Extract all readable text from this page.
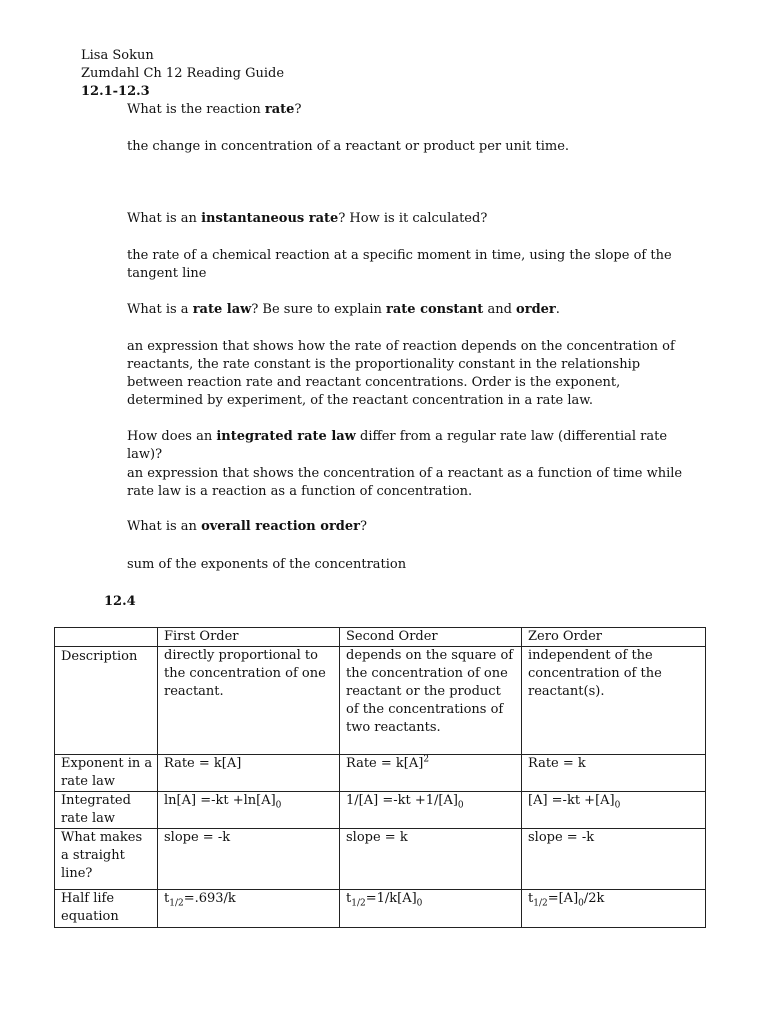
Lisa Sokun
Zumdahl Ch 12 Reading Guide
12.1-12.3
What is the reaction rate?
the change in concentration of a reactant or product per unit time.
What is an instantaneous rate? How is it calculated?
the rate of a chemical reaction at a specific moment in time, using the slope of the tangent line
What is a rate law? Be sure to explain rate constant and order.
an expression that shows how the rate of reaction depends on the concentration of reactants, the rate constant is the proportionality constant in the relationship between reaction rate and reactant concentrations. Order is the exponent, determined by experiment, of the reactant concentration in a rate law.
How does an integrated rate law differ from a regular rate law (differential rate law)?
an expression that shows the concentration of a reactant as a function of time while rate law is a reaction as a function of concentration.
What is an overall reaction order?
sum of the exponents of the concentration
12.4
	First Order	Second Order	Zero Order
Description	directly proportional to the concentration of one reactant.	depends on the square of the concentration of one reactant or the product of the concentrations of two reactants.	independent of the concentration of the reactant(s).
Exponent in a rate law	Rate = k[A]	Rate = $k[A]^2$	Rate = k
Integrated rate law	$\ln[A] =-kt +\ln[A]_0$	$1/[A] =-kt +1/[A]_0$	$[A] =-kt +[A]_0$
What makes a straight line?	slope = -k	slope = k	slope = -k
Half life equation	$t_{1/2}=.693/k$	$t_{1/2}=1/k[A]_0$	$t_{1/2}=[A]_0/2k$
